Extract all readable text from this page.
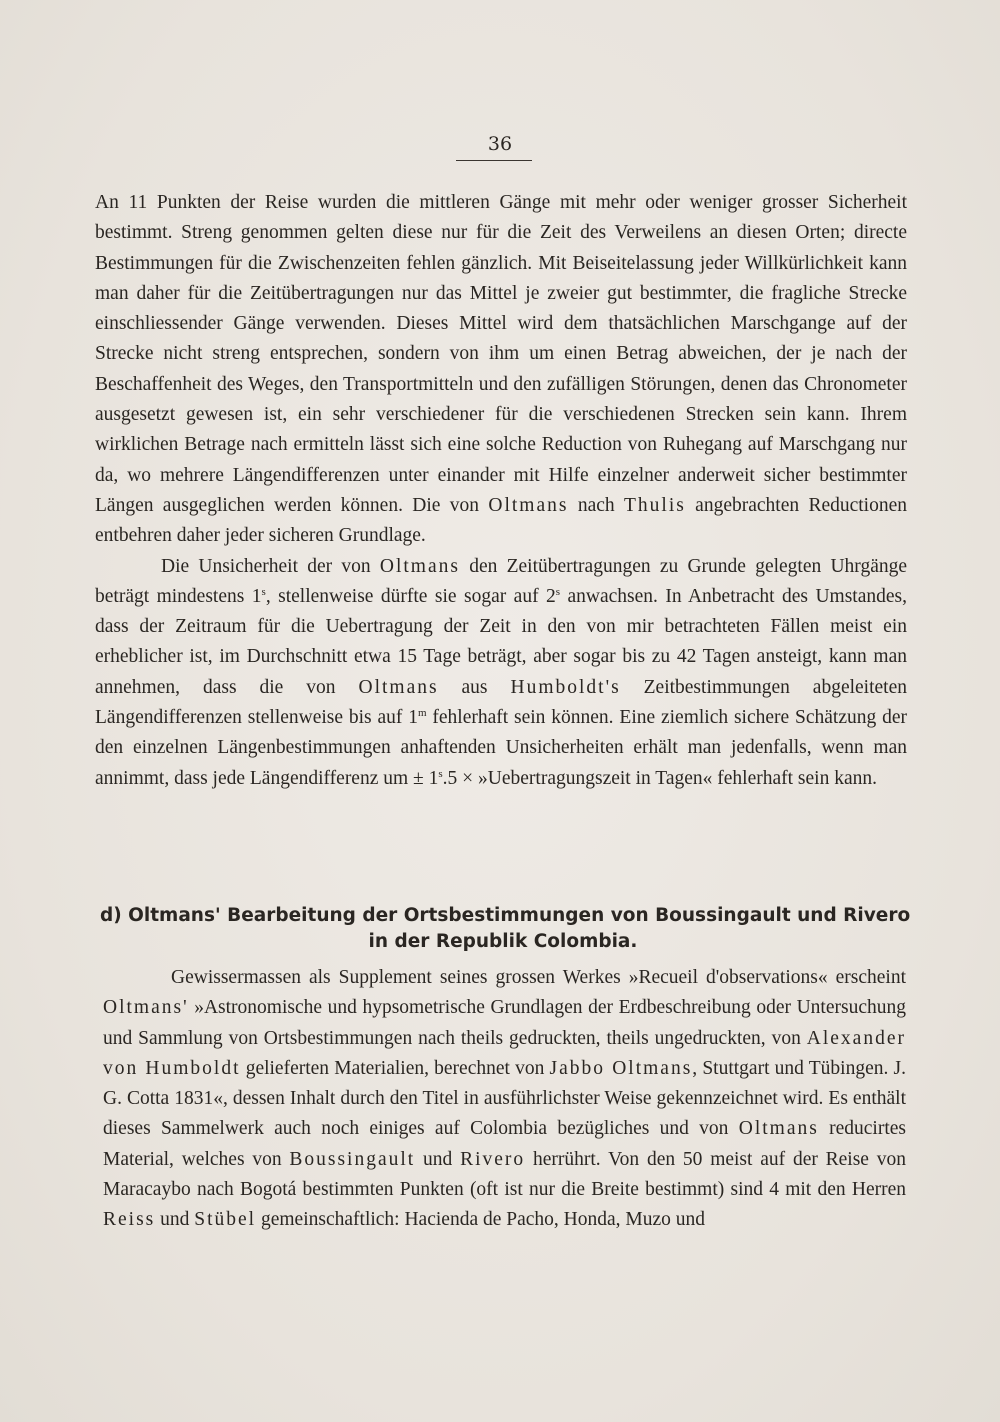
36

An 11 Punkten der Reise wurden die mittleren Gänge mit mehr oder weniger grosser Sicherheit bestimmt. Streng genommen gelten diese nur für die Zeit des Verweilens an diesen Orten; directe Bestimmungen für die Zwischenzeiten fehlen gänzlich. Mit Beiseitelassung jeder Willkürlichkeit kann man daher für die Zeitübertragungen nur das Mittel je zweier gut bestimmter, die fragliche Strecke einschliessender Gänge verwenden. Dieses Mittel wird dem thatsächlichen Marschgange auf der Strecke nicht streng entsprechen, sondern von ihm um einen Betrag abweichen, der je nach der Beschaffenheit des Weges, den Transportmitteln und den zufälligen Störungen, denen das Chronometer ausgesetzt gewesen ist, ein sehr verschiedener für die verschiedenen Strecken sein kann. Ihrem wirklichen Betrage nach ermitteln lässt sich eine solche Reduction von Ruhegang auf Marschgang nur da, wo mehrere Längendifferenzen unter einander mit Hilfe einzelner anderweit sicher bestimmter Längen ausgeglichen werden können. Die von Oltmans nach Thulis angebrachten Reductionen entbehren daher jeder sicheren Grundlage.

Die Unsicherheit der von Oltmans den Zeitübertragungen zu Grunde gelegten Uhrgänge beträgt mindestens 1$^s$, stellenweise dürfte sie sogar auf 2$^s$ anwachsen. In Anbetracht des Umstandes, dass der Zeitraum für die Uebertragung der Zeit in den von mir betrachteten Fällen meist ein erheblicher ist, im Durchschnitt etwa 15 Tage beträgt, aber sogar bis zu 42 Tagen ansteigt, kann man annehmen, dass die von Oltmans aus Humboldt's Zeitbestimmungen abgeleiteten Längendifferenzen stellenweise bis auf 1$^m$ fehlerhaft sein können. Eine ziemlich sichere Schätzung der den einzelnen Längenbestimmungen anhaftenden Unsicherheiten erhält man jedenfalls, wenn man annimmt, dass jede Längendifferenz um ± $1^s.5$ × »Uebertragungszeit in Tagen« fehlerhaft sein kann.

d) Oltmans' Bearbeitung der Ortsbestimmungen von Boussingault und Rivero
in der Republik Colombia.

Gewissermassen als Supplement seines grossen Werkes »Recueil d'observations« erscheint Oltmans' »Astronomische und hypsometrische Grundlagen der Erdbeschreibung oder Untersuchung und Sammlung von Ortsbestimmungen nach theils gedruckten, theils ungedruckten, von Alexander von Humboldt gelieferten Materialien, berechnet von Jabbo Oltmans, Stuttgart und Tübingen. J. G. Cotta 1831«, dessen Inhalt durch den Titel in ausführlichster Weise gekennzeichnet wird. Es enthält dieses Sammelwerk auch noch einiges auf Colombia bezügliches und von Oltmans reducirtes Material, welches von Boussingault und Rivero herrührt. Von den 50 meist auf der Reise von Maracaybo nach Bogotá bestimmten Punkten (oft ist nur die Breite bestimmt) sind 4 mit den Herren Reiss und Stübel gemeinschaftlich: Hacienda de Pacho, Honda, Muzo und
